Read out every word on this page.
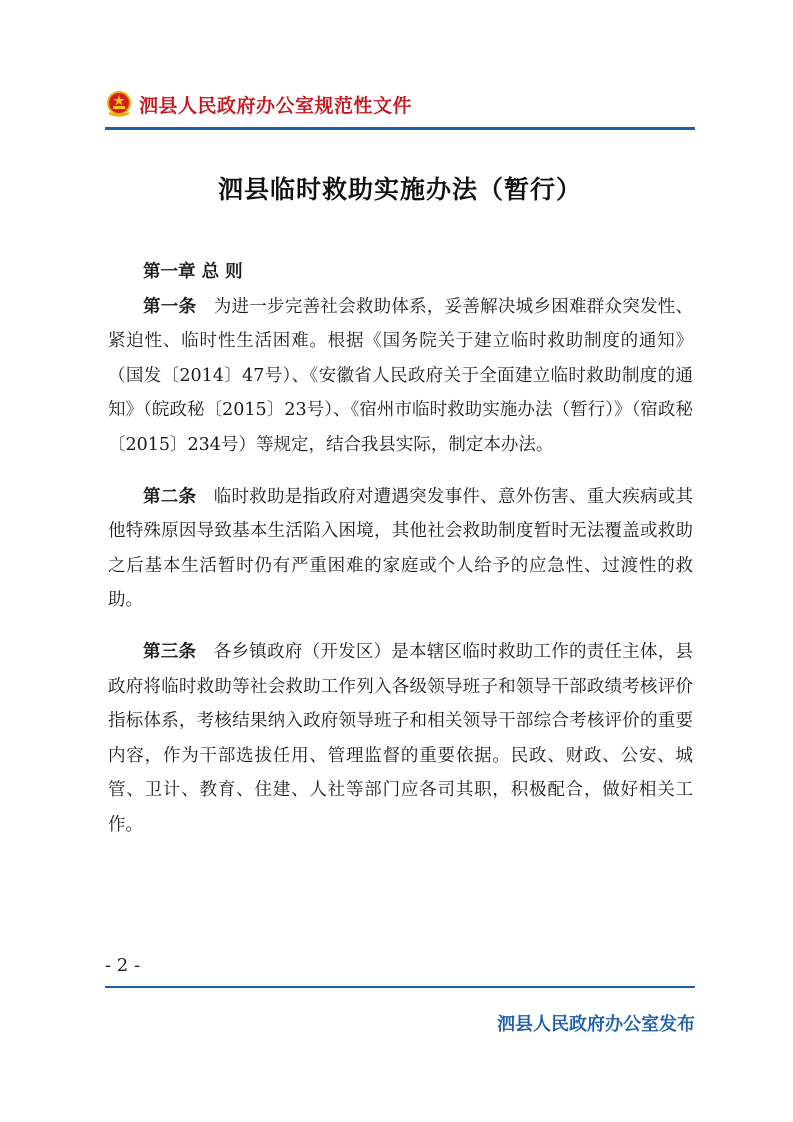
泗县人民政府办公室规范性文件
泗县临时救助实施办法（暂行）

第一章 总 则

第一条 为进一步完善社会救助体系，妥善解决城乡困难群众突发性、紧迫性、临时性生活困难。根据《国务院关于建立临时救助制度的通知》（国发〔2014〕47号）、《安徽省人民政府关于全面建立临时救助制度的通知》（皖政秘〔2015〕23号）、《宿州市临时救助实施办法（暂行）》（宿政秘〔2015〕234号）等规定，结合我县实际，制定本办法。

第二条 临时救助是指政府对遭遇突发事件、意外伤害、重大疾病或其他特殊原因导致基本生活陷入困境，其他社会救助制度暂时无法覆盖或救助之后基本生活暂时仍有严重困难的家庭或个人给予的应急性、过渡性的救助。

第三条 各乡镇政府（开发区）是本辖区临时救助工作的责任主体，县政府将临时救助等社会救助工作列入各级领导班子和领导干部政绩考核评价指标体系，考核结果纳入政府领导班子和相关领导干部综合考核评价的重要内容，作为干部选拔任用、管理监督的重要依据。民政、财政、公安、城管、卫计、教育、住建、人社等部门应各司其职，积极配合，做好相关工作。

- 2 -
泗县人民政府办公室发布
